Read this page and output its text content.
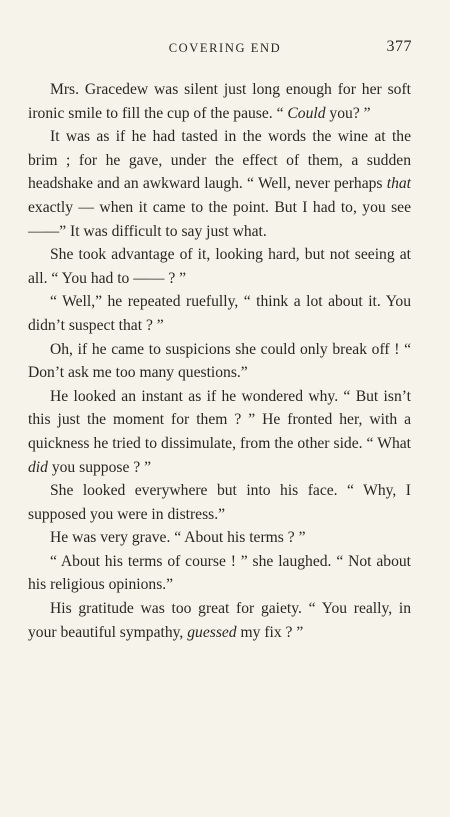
COVERING END	377

Mrs. Gracedew was silent just long enough for her soft ironic smile to fill the cup of the pause. “ Could you? ”

It was as if he had tasted in the words the wine at the brim ; for he gave, under the effect of them, a sudden headshake and an awkward laugh. “ Well, never perhaps that exactly — when it came to the point. But I had to, you see ——” It was difficult to say just what.

She took advantage of it, looking hard, but not seeing at all. “ You had to —— ? ”

“ Well,” he repeated ruefully, “ think a lot about it. You didn’t suspect that ? ”

Oh, if he came to suspicions she could only break off ! “ Don’t ask me too many questions.”

He looked an instant as if he wondered why. “ But isn’t this just the moment for them ? ” He fronted her, with a quickness he tried to dissimulate, from the other side. “ What did you suppose ? ”

She looked everywhere but into his face. “ Why, I supposed you were in distress.”

He was very grave. “ About his terms ? ”

“ About his terms of course ! ” she laughed. “ Not about his religious opinions.”

His gratitude was too great for gaiety. “ You really, in your beautiful sympathy, guessed my fix ? ”
